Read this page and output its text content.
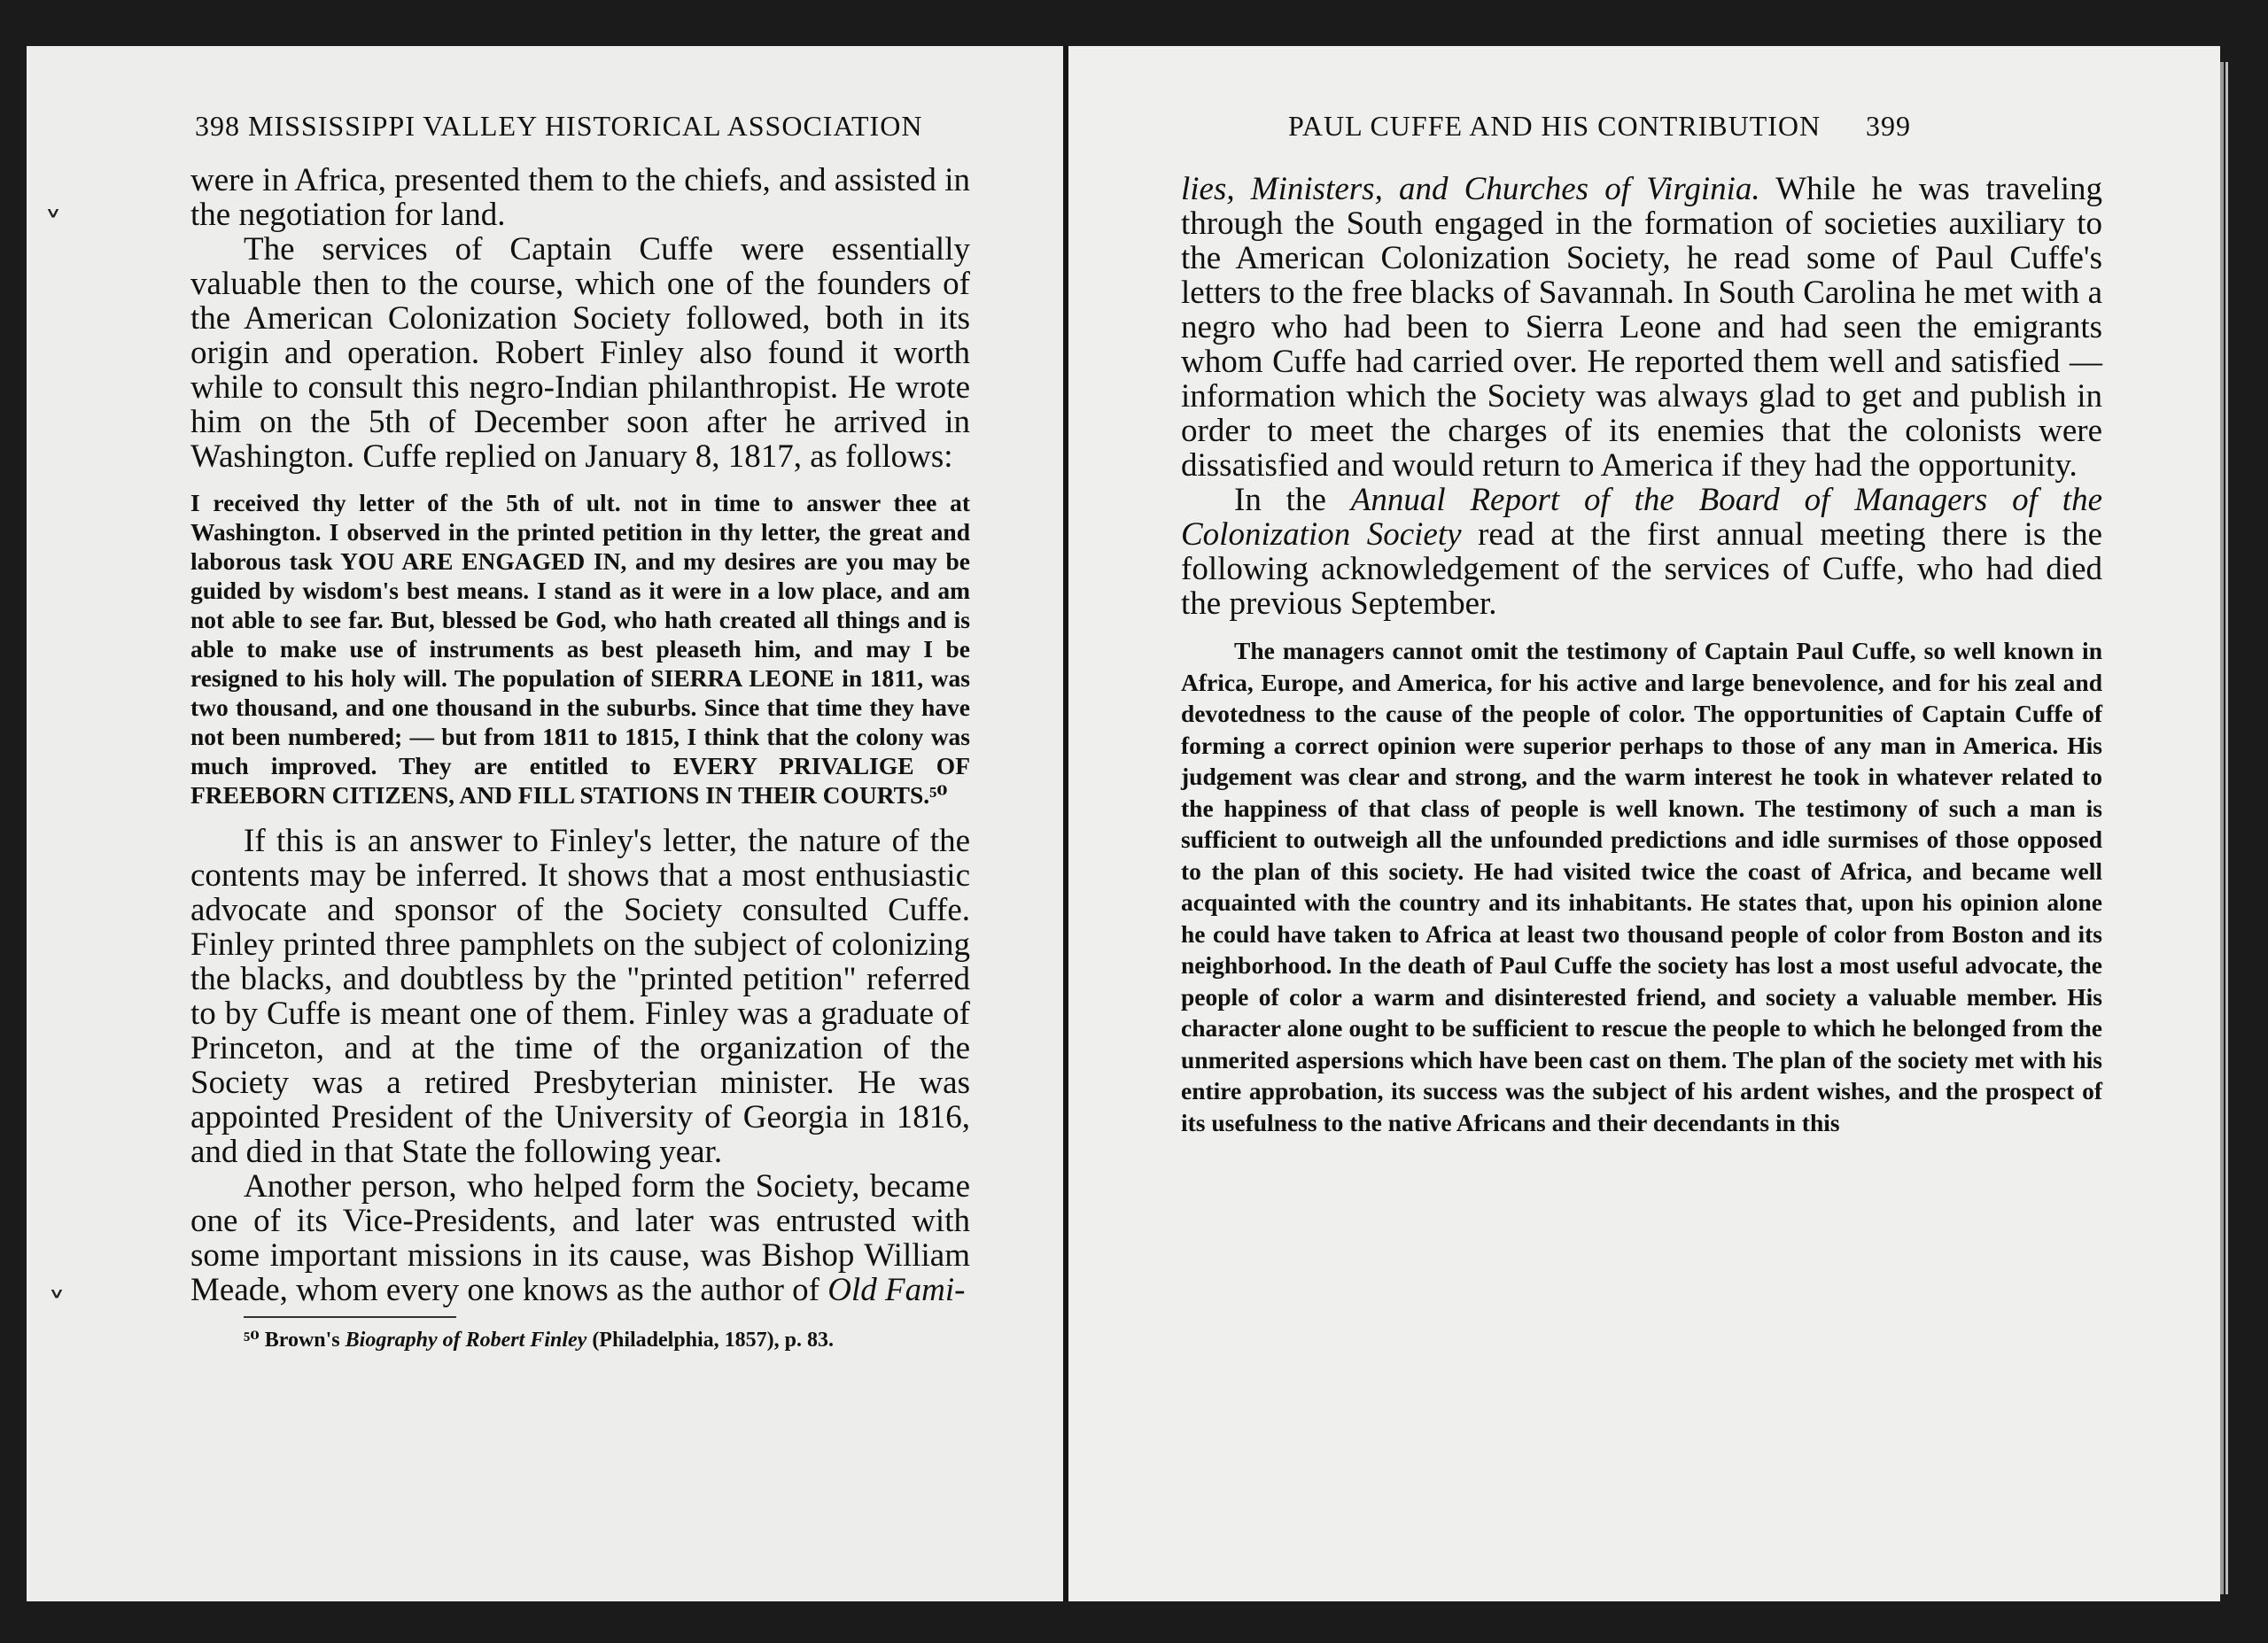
398 MISSISSIPPI VALLEY HISTORICAL ASSOCIATION

were in Africa, presented them to the chiefs, and assisted in the negotiation for land.

The services of Captain Cuffe were essentially valuable then to the course, which one of the founders of the American Colonization Society followed, both in its origin and operation. Robert Finley also found it worth while to consult this negro-Indian philanthropist. He wrote him on the 5th of December soon after he arrived in Washington. Cuffe replied on January 8, 1817, as follows:

I received thy letter of the 5th of ult. not in time to answer thee at Washington. I observed in the printed petition in thy letter, the great and laborous task YOU ARE ENGAGED IN, and my desires are you may be guided by wisdom's best means. I stand as it were in a low place, and am not able to see far. But, blessed be God, who hath created all things and is able to make use of instruments as best pleaseth him, and may I be resigned to his holy will. The population of SIERRA LEONE in 1811, was two thousand, and one thousand in the suburbs. Since that time they have not been numbered; — but from 1811 to 1815, I think that the colony was much improved. They are entitled to EVERY PRIVALIGE OF FREEBORN CITIZENS, AND FILL STATIONS IN THEIR COURTS.⁵⁰

If this is an answer to Finley's letter, the nature of the contents may be inferred. It shows that a most enthusiastic advocate and sponsor of the Society consulted Cuffe. Finley printed three pamphlets on the subject of colonizing the blacks, and doubtless by the "printed petition" referred to by Cuffe is meant one of them. Finley was a graduate of Princeton, and at the time of the organization of the Society was a retired Presbyterian minister. He was appointed President of the University of Georgia in 1816, and died in that State the following year.

Another person, who helped form the Society, became one of its Vice-Presidents, and later was entrusted with some important missions in its cause, was Bishop William Meade, whom every one knows as the author of Old Fami-

⁵⁰ Brown's Biography of Robert Finley (Philadelphia, 1857), p. 83.

˅
˅
PAUL CUFFE AND HIS CONTRIBUTION 399

lies, Ministers, and Churches of Virginia. While he was traveling through the South engaged in the formation of societies auxiliary to the American Colonization Society, he read some of Paul Cuffe's letters to the free blacks of Savannah. In South Carolina he met with a negro who had been to Sierra Leone and had seen the emigrants whom Cuffe had carried over. He reported them well and satisfied — information which the Society was always glad to get and publish in order to meet the charges of its enemies that the colonists were dissatisfied and would return to America if they had the opportunity.

In the Annual Report of the Board of Managers of the Colonization Society read at the first annual meeting there is the following acknowledgement of the services of Cuffe, who had died the previous September.

The managers cannot omit the testimony of Captain Paul Cuffe, so well known in Africa, Europe, and America, for his active and large benevolence, and for his zeal and devotedness to the cause of the people of color. The opportunities of Captain Cuffe of forming a correct opinion were superior perhaps to those of any man in America. His judgement was clear and strong, and the warm interest he took in whatever related to the happiness of that class of people is well known. The testimony of such a man is sufficient to outweigh all the unfounded predictions and idle surmises of those opposed to the plan of this society. He had visited twice the coast of Africa, and became well acquainted with the country and its inhabitants. He states that, upon his opinion alone he could have taken to Africa at least two thousand people of color from Boston and its neighborhood. In the death of Paul Cuffe the society has lost a most useful advocate, the people of color a warm and disinterested friend, and society a valuable member. His character alone ought to be sufficient to rescue the people to which he belonged from the unmerited aspersions which have been cast on them. The plan of the society met with his entire approbation, its success was the subject of his ardent wishes, and the prospect of its usefulness to the native Africans and their decendants in this
